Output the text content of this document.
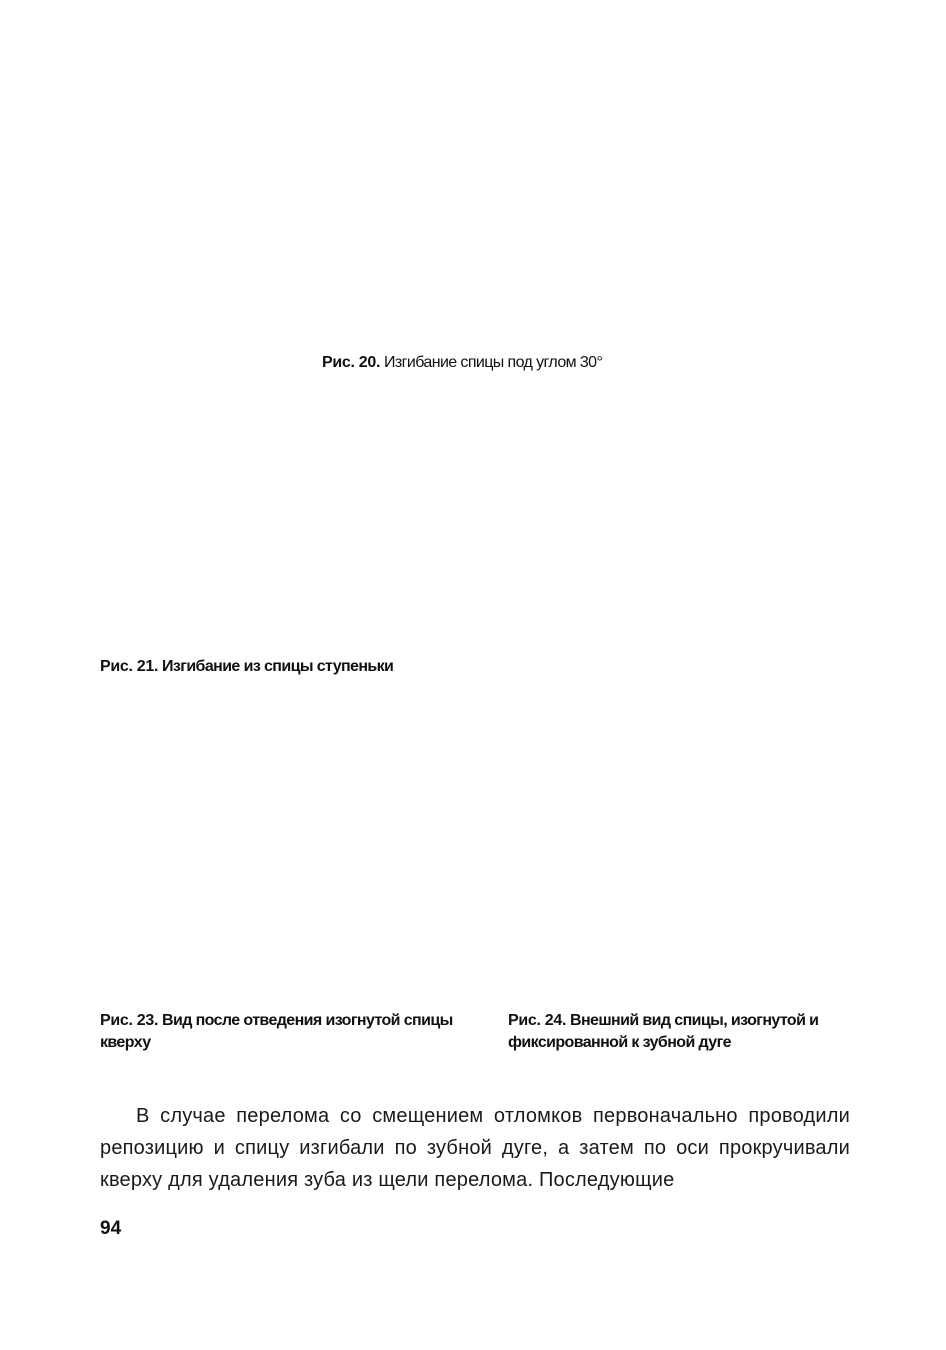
Рис. 20. Изгибание спицы под углом 30°
Рис. 21. Изгибание из спицы ступеньки
Рис. 23. Вид после отведения изогнутой спицы кверху
Рис. 24. Внешний вид спицы, изогнутой и фиксированной к зубной дуге

В случае перелома со смещением отломков первоначально проводили репозицию и спицу изгибали по зубной дуге, а затем по оси прокручивали кверху для удаления зуба из щели перелома. Последующие

94
